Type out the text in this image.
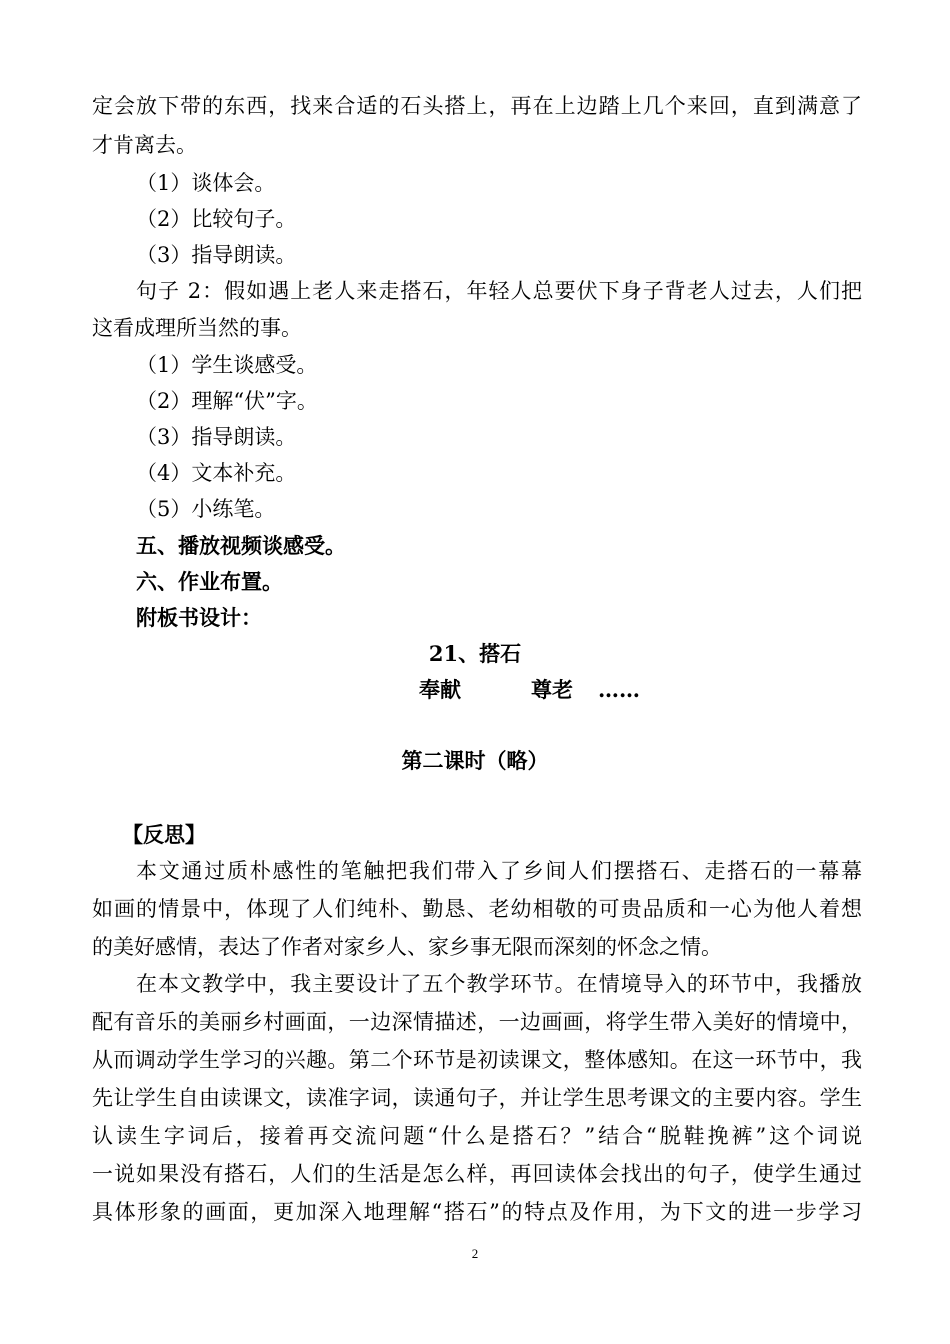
定会放下带的东西，找来合适的石头搭上，再在上边踏上几个来回，直到满意了
才肯离去。
（1）谈体会。
（2）比较句子。
（3）指导朗读。
句子 2：假如遇上老人来走搭石，年轻人总要伏下身子背老人过去，人们把
这看成理所当然的事。
（1）学生谈感受。
（2）理解“伏”字。
（3）指导朗读。
（4）文本补充。
（5）小练笔。
五、播放视频谈感受。
六、作业布置。
附板书设计：
21、搭石
奉献	尊老 ……
第二课时（略）
【反思】
本文通过质朴感性的笔触把我们带入了乡间人们摆搭石、走搭石的一幕幕
如画的情景中，体现了人们纯朴、勤恳、老幼相敬的可贵品质和一心为他人着想
的美好感情，表达了作者对家乡人、家乡事无限而深刻的怀念之情。
在本文教学中，我主要设计了五个教学环节。在情境导入的环节中，我播放
配有音乐的美丽乡村画面，一边深情描述，一边画画，将学生带入美好的情境中，
从而调动学生学习的兴趣。第二个环节是初读课文，整体感知。在这一环节中，我
先让学生自由读课文，读准字词，读通句子，并让学生思考课文的主要内容。学生
认读生字词后，接着再交流问题“什么是搭石？”结合“脱鞋挽裤”这个词说
一说如果没有搭石，人们的生活是怎么样，再回读体会找出的句子，使学生通过
具体形象的画面，更加深入地理解“搭石”的特点及作用，为下文的进一步学习
2
